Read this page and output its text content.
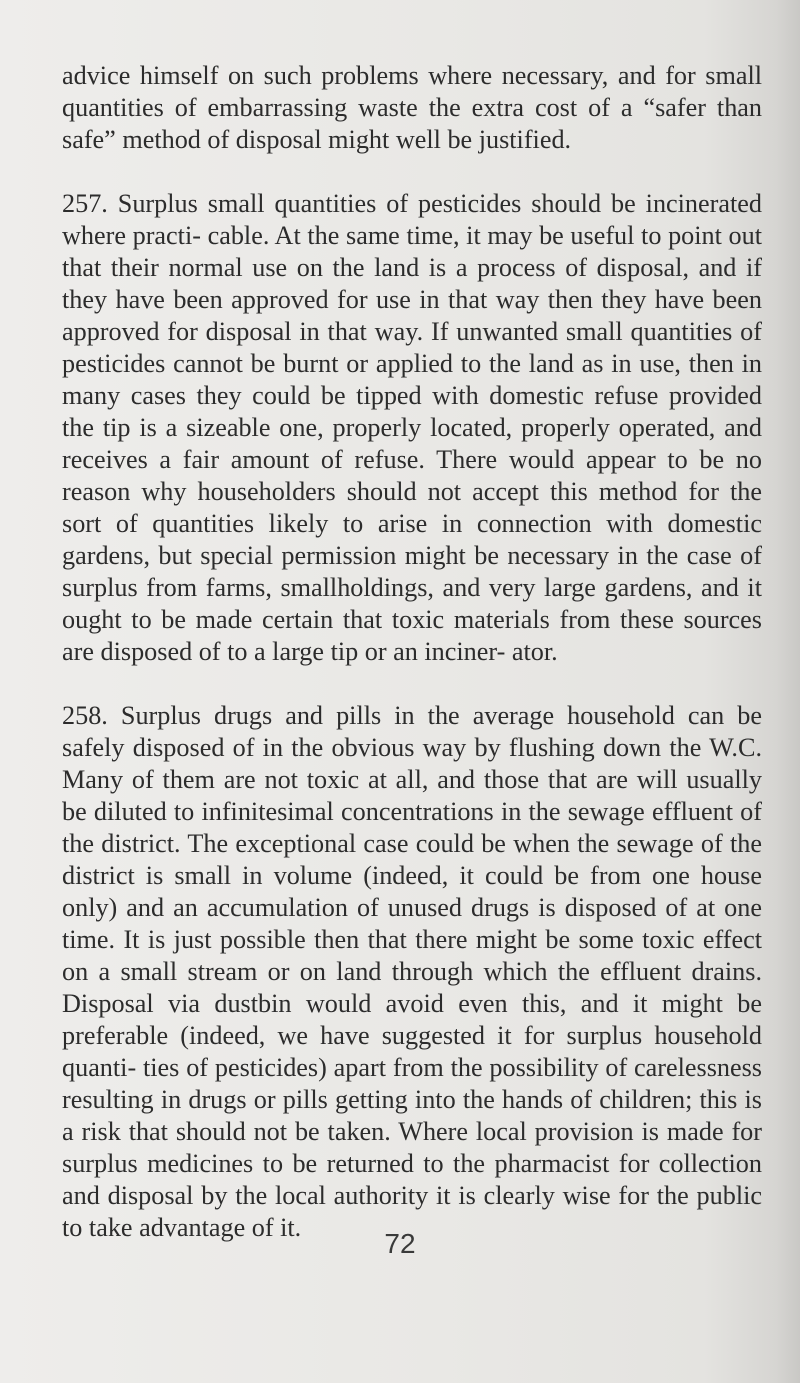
advice himself on such problems where necessary, and for small quantities of embarrassing waste the extra cost of a “safer than safe” method of disposal might well be justified.

257. Surplus small quantities of pesticides should be incinerated where practi- cable. At the same time, it may be useful to point out that their normal use on the land is a process of disposal, and if they have been approved for use in that way then they have been approved for disposal in that way. If unwanted small quantities of pesticides cannot be burnt or applied to the land as in use, then in many cases they could be tipped with domestic refuse provided the tip is a sizeable one, properly located, properly operated, and receives a fair amount of refuse. There would appear to be no reason why householders should not accept this method for the sort of quantities likely to arise in connection with domestic gardens, but special permission might be necessary in the case of surplus from farms, smallholdings, and very large gardens, and it ought to be made certain that toxic materials from these sources are disposed of to a large tip or an inciner- ator.

258. Surplus drugs and pills in the average household can be safely disposed of in the obvious way by flushing down the W.C. Many of them are not toxic at all, and those that are will usually be diluted to infinitesimal concentrations in the sewage effluent of the district. The exceptional case could be when the sewage of the district is small in volume (indeed, it could be from one house only) and an accumulation of unused drugs is disposed of at one time. It is just possible then that there might be some toxic effect on a small stream or on land through which the effluent drains. Disposal via dustbin would avoid even this, and it might be preferable (indeed, we have suggested it for surplus household quanti- ties of pesticides) apart from the possibility of carelessness resulting in drugs or pills getting into the hands of children; this is a risk that should not be taken. Where local provision is made for surplus medicines to be returned to the pharmacist for collection and disposal by the local authority it is clearly wise for the public to take advantage of it.

72
